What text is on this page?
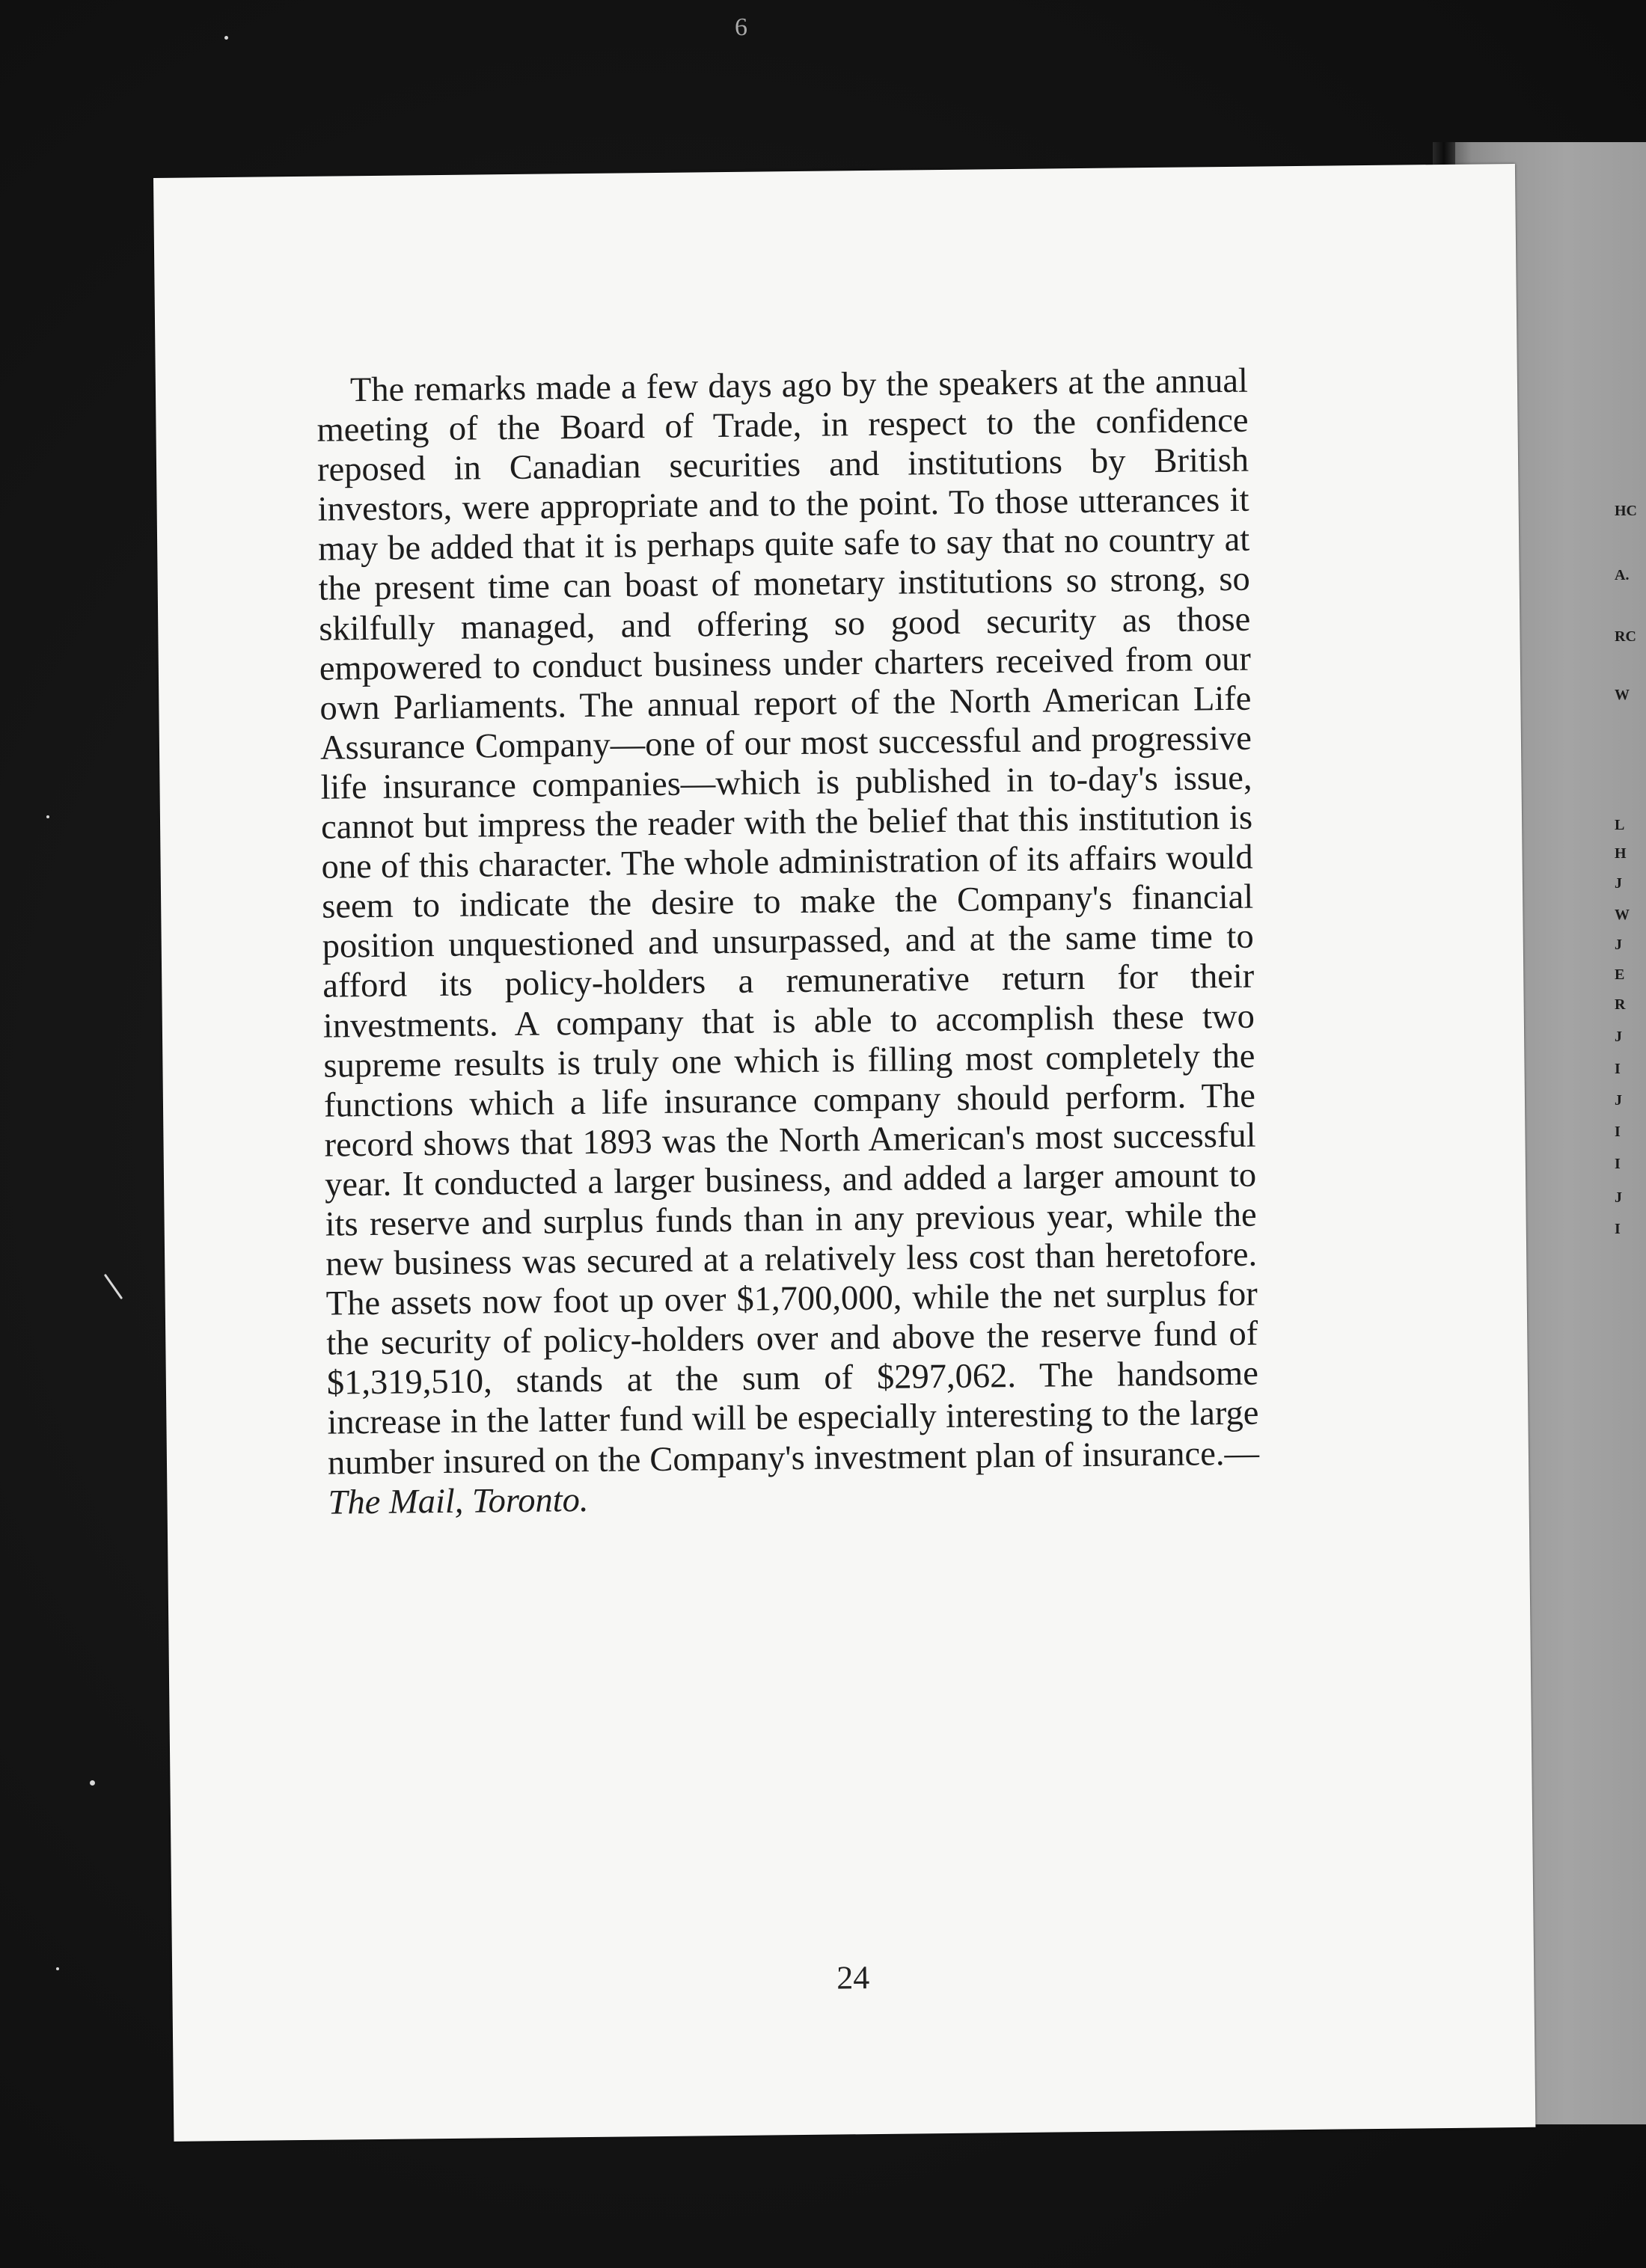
6
HC
A.
RC
W
L
H
J
W
J
E
R
J
I
J
I
I
J
I

The remarks made a few days ago by the speakers at the annual meeting of the Board of Trade, in respect to the confidence reposed in Canadian securities and institutions by British investors, were appropriate and to the point. To those utterances it may be added that it is perhaps quite safe to say that no country at the present time can boast of monetary institutions so strong, so skilfully managed, and offering so good security as those empowered to conduct business under charters received from our own Parliaments. The annual report of the North American Life Assurance Company—one of our most successful and progressive life insurance companies—which is published in to-day's issue, cannot but impress the reader with the belief that this institution is one of this character. The whole administration of its affairs would seem to indicate the desire to make the Company's financial position unquestioned and unsurpassed, and at the same time to afford its policy-holders a remunerative return for their investments. A company that is able to accomplish these two supreme results is truly one which is filling most completely the functions which a life insurance company should perform. The record shows that 1893 was the North American's most successful year. It conducted a larger business, and added a larger amount to its reserve and surplus funds than in any previous year, while the new business was secured at a relatively less cost than heretofore. The assets now foot up over $1,700,000, while the net surplus for the security of policy-holders over and above the reserve fund of $1,319,510, stands at the sum of $297,062. The handsome increase in the latter fund will be especially interesting to the large number insured on the Company's investment plan of insurance.—The Mail, Toronto.

24
